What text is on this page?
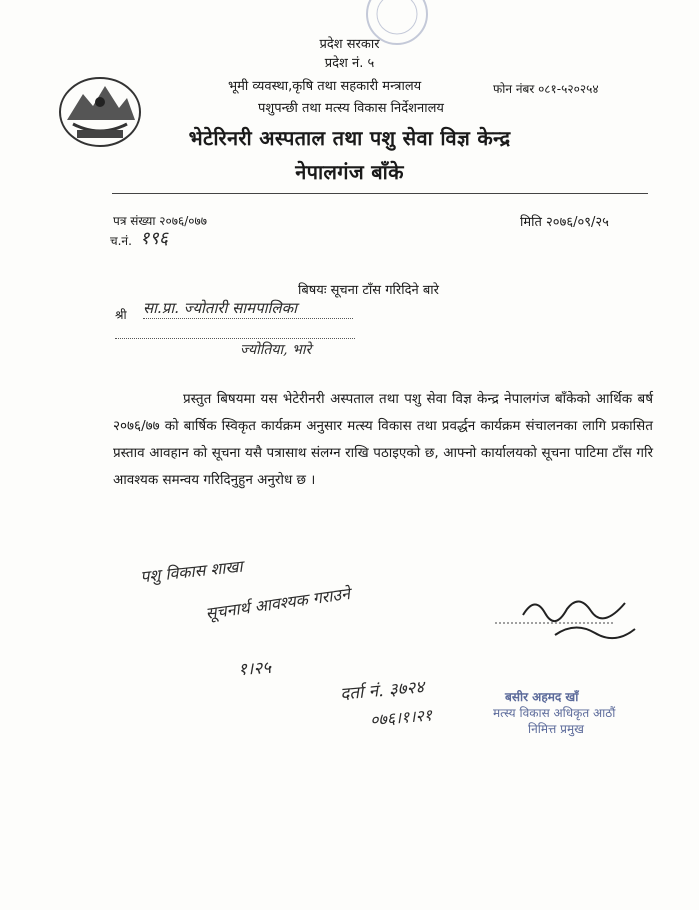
प्रदेश सरकार
प्रदेश नं. ५
भूमी व्यवस्था,कृषि तथा सहकारी मन्त्रालय	फोन नंबर ०८१-५२०२५४
पशुपन्छी तथा मत्स्य विकास निर्देशनालय
भेटेरिनरी अस्पताल तथा पशु सेवा विज्ञ केन्द्र
नेपालगंज बाँके
पत्र संख्या २०७६/०७७	मिति २०७६/०९/२५
च.नं. १९६
बिषयः सूचना टाँस गरिदिने बारे
श्री सा.प्रा. ज्योतारी सामपालिका
ज्योतिया, भारे
प्रस्तुत बिषयमा यस भेटेरीनरी अस्पताल तथा पशु सेवा विज्ञ केन्द्र नेपालगंज बाँकेको आर्थिक बर्ष २०७६/७७ को बार्षिक स्विकृत कार्यक्रम अनुसार मत्स्य विकास तथा प्रवर्द्धन कार्यक्रम संचालनका लागि प्रकासित प्रस्ताव आवहान को सूचना यसै पत्रासाथ संलग्न राखि पठाइएको छ, आफ्नो कार्यालयको सूचना पाटिमा टाँस गरि आवश्यक समन्वय गरिदिनुहुन अनुरोध छ ।
पशु विकास शाखा
सूचनार्थ आवश्यक गराउने
१।२५
दर्ता नं. ३७२४
०७६।१।२१
बसीर अहमद खाँ
मत्स्य विकास अधिकृत आठौं
निमित्त प्रमुख
